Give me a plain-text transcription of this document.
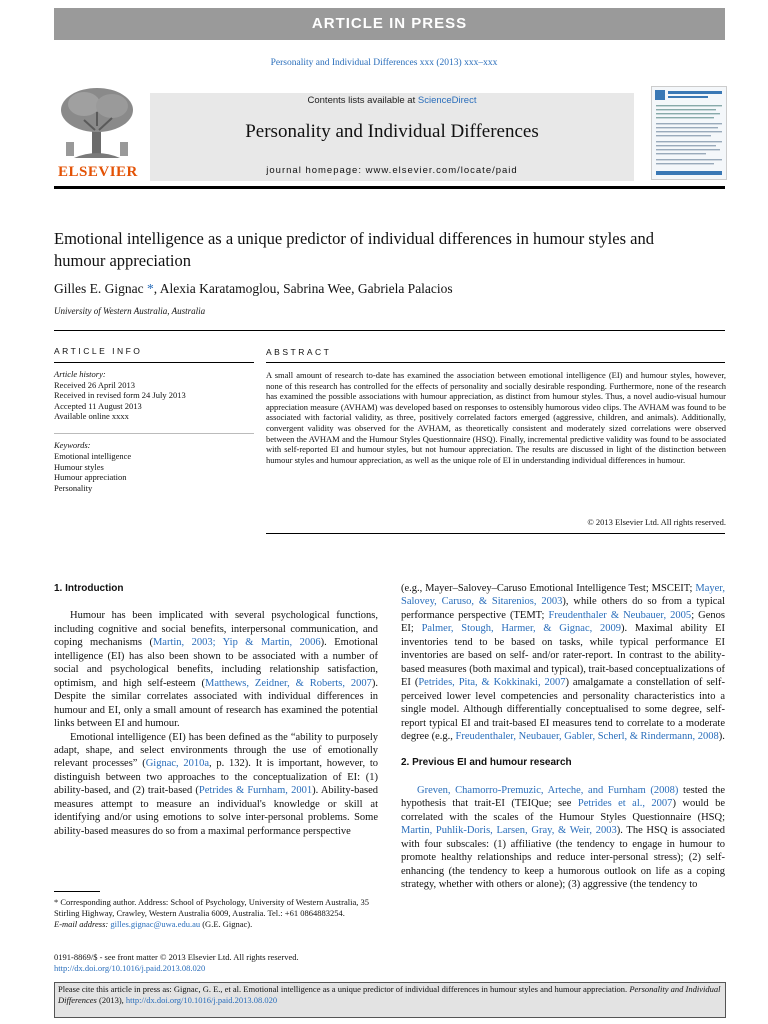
ARTICLE IN PRESS
Personality and Individual Differences xxx (2013) xxx–xxx
ELSEVIER
Contents lists available at ScienceDirect
Personality and Individual Differences
journal homepage: www.elsevier.com/locate/paid
Emotional intelligence as a unique predictor of individual differences in humour styles and humour appreciation
Gilles E. Gignac *, Alexia Karatamoglou, Sabrina Wee, Gabriela Palacios
University of Western Australia, Australia
ARTICLE INFO	ABSTRACT
Article history:
Received 26 April 2013
Received in revised form 24 July 2013
Accepted 11 August 2013
Available online xxxx
Keywords:
Emotional intelligence
Humour styles
Humour appreciation
Personality
A small amount of research to-date has examined the association between emotional intelligence (EI) and humour styles, however, none of this research has controlled for the effects of personality and socially desirable responding. Furthermore, none of the research has examined the possible associations with humour appreciation, as distinct from humour styles. Thus, a novel audio-visual humour appreciation measure (AVHAM) was developed based on responses to ostensibly humorous video clips. The AVHAM was found to be associated with factorial validity, as three, positively correlated factors emerged (aggressive, children, and animals). Additionally, convergent validity was observed for the AVHAM, as theoretically consistent and moderately sized correlations were observed between the AVHAM and the Humour Styles Questionnaire (HSQ). Finally, incremental predictive validity was found to be associated with self-reported EI and humour styles, but not humour appreciation. The results are discussed in light of the distinction between humour styles and humour appreciation, as well as the unique role of EI in understanding individual differences in humour.
© 2013 Elsevier Ltd. All rights reserved.
1. Introduction

Humour has been implicated with several psychological functions, including cognitive and social benefits, interpersonal communication, and coping mechanisms (Martin, 2003; Yip & Martin, 2006). Emotional intelligence (EI) has also been shown to be associated with a number of social and psychological benefits, including relationship satisfaction, optimism, and high self-esteem (Matthews, Zeidner, & Roberts, 2007). Despite the similar correlates associated with individual differences in humour and EI, only a small amount of research has examined the potential links between EI and humour.

Emotional intelligence (EI) has been defined as the “ability to purposely adapt, shape, and select environments through the use of emotionally relevant processes” (Gignac, 2010a, p. 132). It is important, however, to distinguish between two approaches to the conceptualization of EI: (1) ability-based, and (2) trait-based (Petrides & Furnham, 2001). Ability-based measures attempt to measure an individual's knowledge or skill at identifying and/or using emotions to solve inter-personal problems. Some ability-based measures do so from a maximal performance perspective

(e.g., Mayer–Salovey–Caruso Emotional Intelligence Test; MSCEIT; Mayer, Salovey, Caruso, & Sitarenios, 2003), while others do so from a typical performance perspective (TEMT; Freudenthaler & Neubauer, 2005; Genos EI; Palmer, Stough, Harmer, & Gignac, 2009). Maximal ability EI inventories tend to be based on tasks, while typical performance EI inventories are based on self- and/or rater-report. In contrast to the ability-based measures (both maximal and typical), trait-based conceptualizations of EI (Petrides, Pita, & Kokkinaki, 2007) amalgamate a constellation of self-perceived lower level competencies and personality characteristics into a single model. Although differentially conceptualised to some degree, self-report typical EI and trait-based EI measures tend to correlate to a moderate degree (e.g., Freudenthaler, Neubauer, Gabler, Scherl, & Rindermann, 2008).

2. Previous EI and humour research

Greven, Chamorro-Premuzic, Arteche, and Furnham (2008) tested the hypothesis that trait-EI (TEIQue; see Petrides et al., 2007) would be correlated with the scales of the Humour Styles Questionnaire (HSQ; Martin, Puhlik-Doris, Larsen, Gray, & Weir, 2003). The HSQ is associated with four subscales: (1) affiliative (the tendency to engage in humour to promote healthy relationships and reduce inter-personal stress); (2) self-enhancing (the tendency to keep a humorous outlook on life as a coping strategy, whether with others or alone); (3) aggressive (the tendency to

* Corresponding author. Address: School of Psychology, University of Western Australia, 35 Stirling Highway, Crawley, Western Australia 6009, Australia. Tel.: +61 0864883254.
E-mail address: gilles.gignac@uwa.edu.au (G.E. Gignac).
0191-8869/$ - see front matter © 2013 Elsevier Ltd. All rights reserved.
http://dx.doi.org/10.1016/j.paid.2013.08.020
Please cite this article in press as: Gignac, G. E., et al. Emotional intelligence as a unique predictor of individual differences in humour styles and humour appreciation. Personality and Individual Differences (2013), http://dx.doi.org/10.1016/j.paid.2013.08.020
